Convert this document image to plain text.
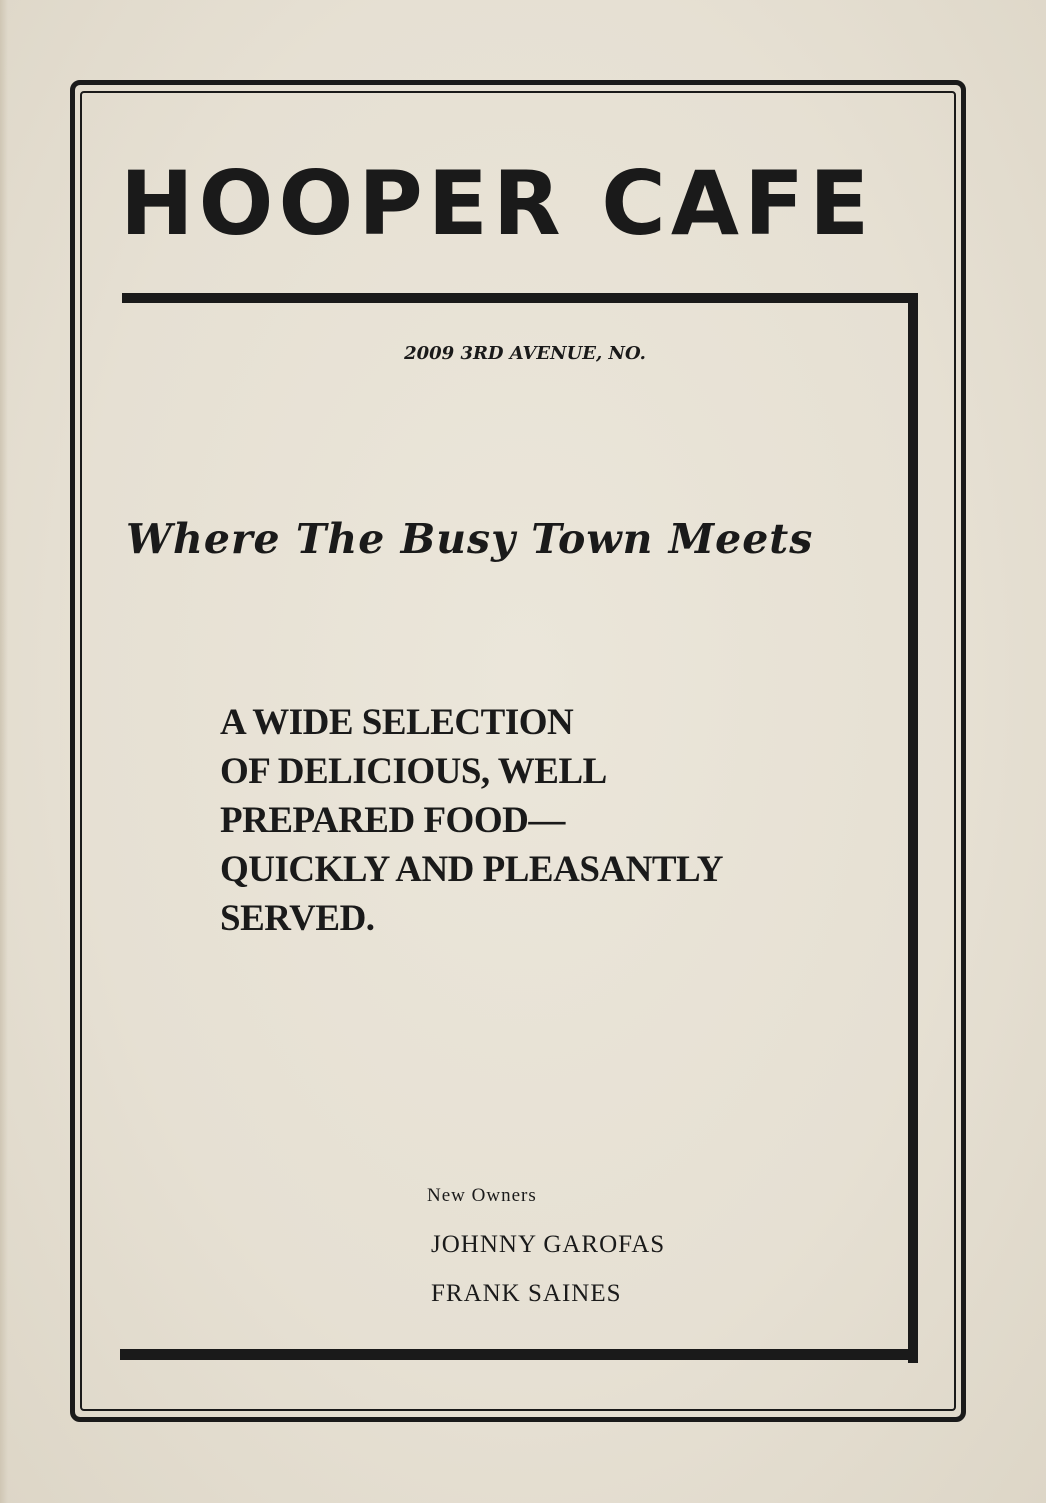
HOOPER CAFE
2009 3RD AVENUE, NO.
Where The Busy Town Meets
A WIDE SELECTION
OF DELICIOUS, WELL
PREPARED FOOD—
QUICKLY AND PLEASANTLY
SERVED.
New Owners
JOHNNY GAROFAS
FRANK SAINES
